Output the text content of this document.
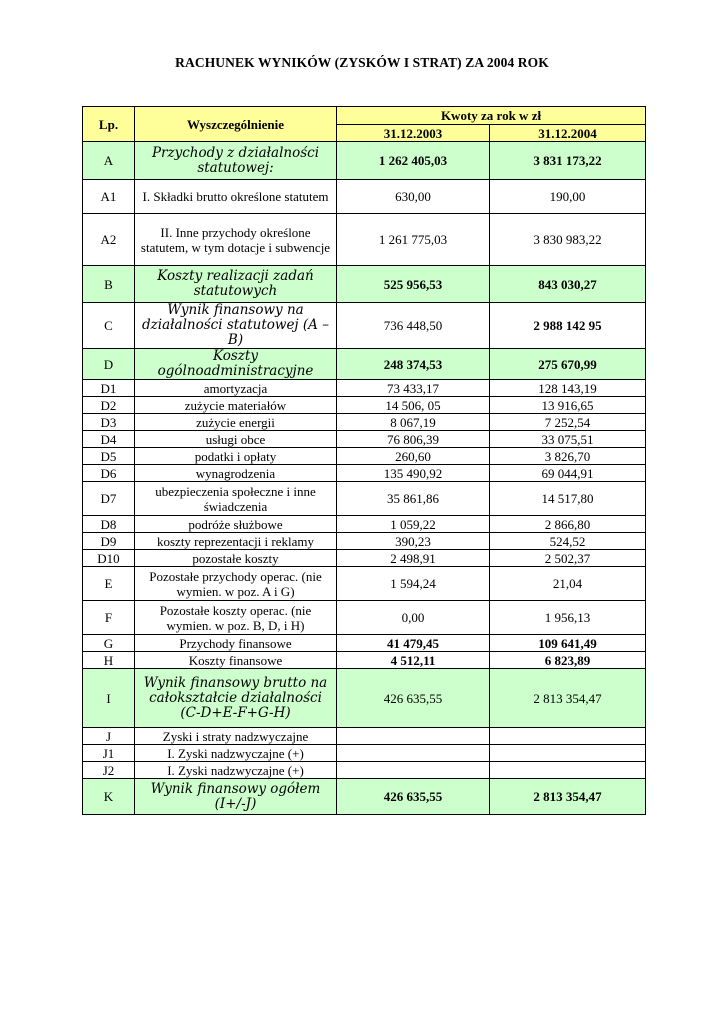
RACHUNEK WYNIKÓW (ZYSKÓW I STRAT) ZA 2004 ROK
Lp.	Wyszczególnienie	Kwoty za rok w zł	
		31.12.2003	31.12.2004
A	Przychody z działalności statutowej:	1 262 405,03	3 831 173,22
A1	I. Składki brutto określone statutem	630,00	190,00
A2	II. Inne przychody określone statutem, w tym dotacje i subwencje	1 261 775,03	3 830 983,22
B	Koszty realizacji zadań statutowych	525 956,53	843 030,27
C	Wynik finansowy na działalności statutowej (A – B)	736 448,50	2 988 142 95
D	Koszty ogólnoadministracyjne	248 374,53	275 670,99
D1	amortyzacja	73 433,17	128 143,19
D2	zużycie materiałów	14 506, 05	13 916,65
D3	zużycie energii	8 067,19	7 252,54
D4	usługi obce	76 806,39	33 075,51
D5	podatki i opłaty	260,60	3 826,70
D6	wynagrodzenia	135 490,92	69 044,91
D7	ubezpieczenia społeczne i inne świadczenia	35 861,86	14 517,80
D8	podróże służbowe	1 059,22	2 866,80
D9	koszty reprezentacji i reklamy	390,23	524,52
D10	pozostałe koszty	2 498,91	2 502,37
E	Pozostałe przychody operac. (nie wymien. w poz. A i G)	1 594,24	21,04
F	Pozostałe koszty operac. (nie wymien. w poz. B, D, i H)	0,00	1 956,13
G	Przychody finansowe	41 479,45	109 641,49
H	Koszty finansowe	4 512,11	6 823,89
I	Wynik finansowy brutto na całokształcie działalności (C-D+E-F+G-H)	426 635,55	2 813 354,47
J	Zyski i straty nadzwyczajne		
J1	I. Zyski nadzwyczajne (+)		
J2	I. Zyski nadzwyczajne (+)		
K	Wynik finansowy ogółem (I+/-J)	426 635,55	2 813 354,47
